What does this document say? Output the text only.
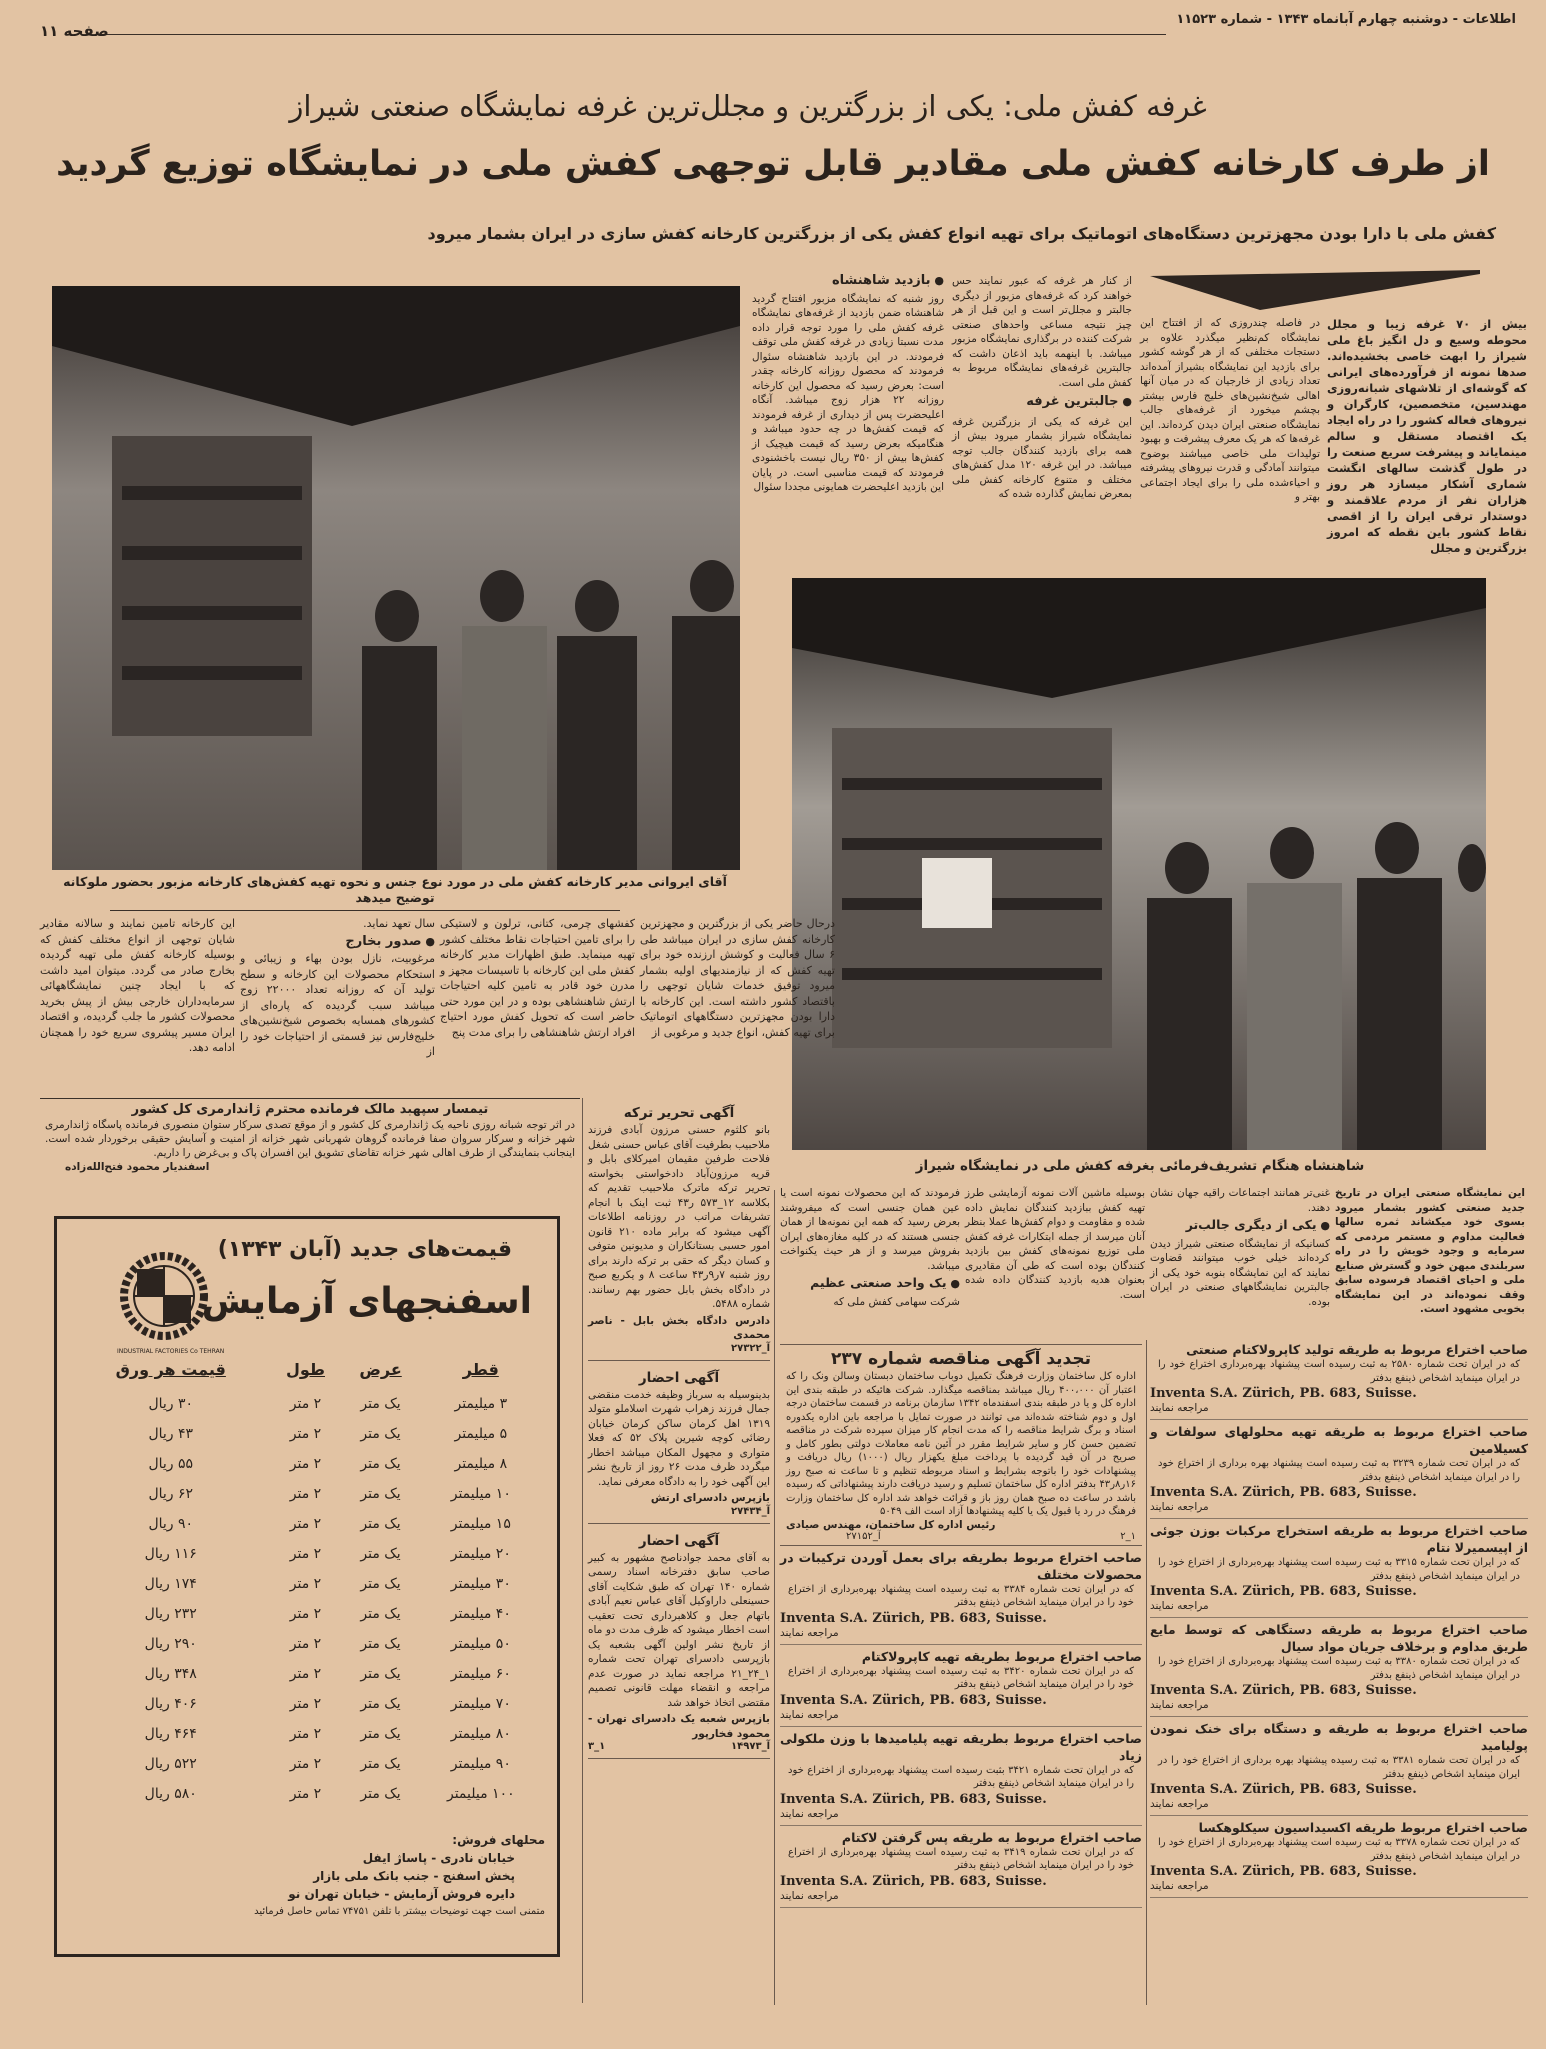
اطلاعات - دوشنبه چهارم آبانماه ۱۳۴۳ - شماره ۱۱۵۲۳
صفحه ۱۱
غرفه کفش ملی: یکی از بزرگترین و مجلل‌ترین غرفه نمایشگاه صنعتی شیراز
از طرف کارخانه کفش ملی مقادیر قابل توجهی کفش ملی در نمایشگاه توزیع گردید
کفش ملی با دارا بودن مجهزترین دستگاه‌های اتوماتیک برای تهیه انواع کفش یکی از بزرگترین کارخانه کفش سازی در ایران بشمار میرود
آقای ایروانی مدیر کارخانه کفش ملی در مورد نوع جنس و نحوه تهیه کفش‌های کارخانه مزبور بحضور ملوکانه توضیح میدهد
بیش از ۷۰ غرفه زیبا و مجلل محوطه وسیع و دل انگیز باغ ملی شیراز را ابهت خاصی بخشیده‌اند. صدها نمونه از فرآورده‌های ایرانی که گوشه‌ای از تلاشهای شبانه‌روزی مهندسین، متخصصین، کارگران و نیروهای فعاله کشور را در راه ایجاد یک اقتصاد مستقل و سالم مینمایاند و پیشرفت سریع صنعت را در طول گذشت سالهای انگشت شماری آشکار میسازد هر روز هزاران نفر از مردم علاقمند و دوستدار ترقی ایران را از اقصی نقاط کشور باین نقطه که امروز بزرگترین و مجلل‌
در فاصله چندروزی که از افتتاح این نمایشگاه کم‌نظیر میگذرد علاوه بر دستجات مختلفی که از هر گوشه کشور برای بازدید این نمایشگاه بشیراز آمده‌اند تعداد زیادی از خارجیان که در میان آنها اهالی شیخ‌نشین‌های خلیج فارس بیشتر بچشم میخورد از غرفه‌های جالب نمایشگاه صنعتی ایران دیدن کرده‌اند. این غرفه‌ها که هر یک معرف پیشرفت و بهبود تولیدات ملی خاصی میباشند بوضوح میتوانند آمادگی و قدرت نیروهای پیشرفته و احیاءشده ملی را برای ایجاد اجتماعی بهتر و
از کنار هر غرفه که عبور نمایند حس خواهند کرد که غرفه‌های مزبور از دیگری جالبتر و مجلل‌تر است و این قبل از هر چیز نتیجه مساعی واحدهای صنعتی شرکت کننده در برگذاری نمایشگاه مزبور میباشد. با اینهمه باید اذعان داشت که جالبترین غرفه‌های نمایشگاه مربوط به کفش ملی است.
● جالبترین غرفه
این غرفه که یکی از بزرگترین غرفه نمایشگاه شیراز بشمار میرود بیش از همه برای بازدید کنندگان جالب توجه میباشد. در این غرفه ۱۲۰ مدل کفش‌های مختلف و متنوع کارخانه کفش ملی بمعرض نمایش گذارده شده که
● بازدید شاهنشاه
روز شنبه که نمایشگاه مزبور افتتاح گردید شاهنشاه ضمن بازدید از غرفه‌های نمایشگاه غرفه کفش ملی را مورد توجه قرار داده مدت نسبتا زیادی در غرفه کفش ملی توقف فرمودند. در این بازدید شاهنشاه سئوال فرمودند که محصول روزانه کارخانه چقدر است: بعرض رسید که محصول این کارخانه روزانه ۲۲ هزار زوج میباشد. آنگاه اعلیحضرت پس از دیداری از غرفه فرمودند که قیمت کفش‌ها در چه حدود میباشد و هنگامیکه بعرض رسید که قیمت هیچیک از کفش‌ها بیش از ۳۵۰ ریال نیست باخشنودی فرمودند که قیمت مناسبی است. در پایان این بازدید اعلیحضرت همایونی مجددا سئوال
شاهنشاه هنگام تشریف‌فرمائی بغرفه کفش ملی در نمایشگاه شیراز
درحال حاضر یکی از بزرگترین و مجهزترین کارخانه کفش سازی در ایران میباشد طی ۶ سال فعالیت و کوشش ارزنده خود برای تهیه کفش که از نیازمندیهای اولیه بشمار میرود توفیق خدمات شایان توجهی را باقتصاد کشور داشته است. این کارخانه با دارا بودن مجهزترین دستگاههای اتوماتیک برای تهیه کفش، انواع جدید و مرغوبی از
کفشهای چرمی، کتانی، ترلون و لاستیکی را برای تامین احتیاجات نقاط مختلف کشور تهیه مینماید. طبق اظهارات مدیر کارخانه کفش ملی این کارخانه با تاسیسات مجهز و مدرن خود قادر به تامین کلیه احتیاجات ارتش شاهنشاهی بوده و در این مورد حتی حاضر است که تحویل کفش مورد احتیاج افراد ارتش شاهنشاهی را برای مدت پنج
سال تعهد نماید.
● صدور بخارج
مرغوبیت، نازل بودن بهاء و زیبائی و استحکام محصولات این کارخانه و سطح تولید آن که روزانه تعداد ۲۲۰۰۰ زوج میباشد سبب گردیده که پاره‌ای از کشورهای همسایه بخصوص شیخ‌نشین‌های خلیج‌فارس نیز قسمتی از احتیاجات خود را از
این کارخانه تامین نمایند و سالانه مقادیر شایان توجهی از انواع مختلف کفش که بوسیله کارخانه کفش ملی تهیه گردیده بخارج صادر می گردد. میتوان امید داشت که با ایجاد چنین نمایشگاههائی سرمایه‌داران خارجی بیش از پیش بخرید محصولات کشور ما جلب گردیده، و اقتصاد ایران مسیر پیشروی سریع خود را همچنان ادامه دهد.
تیمسار سپهبد مالک فرمانده محترم ژاندارمری کل کشور
در اثر توجه شبانه روزی ناحیه یک ژاندارمری کل کشور و از موقع تصدی سرکار ستوان منصوری فرمانده پاسگاه ژاندارمری شهر خزانه و سرکار سروان صفا فرمانده گروهان شهربانی شهر خزانه از امنیت و آسایش حقیقی برخوردار شده است. اینجانب بنمایندگی از طرف اهالی شهر خزانه تقاضای تشویق این افسران پاک و بی‌غرض را داریم.
اسفندیار محمود فتح‌الله‌زاده
INDUSTRIAL FACTORIES Co TEHRAN
قیمت‌های جدید (آبان ۱۳۴۳)
اسفنجهای آزمایش
قطر	عرض	طول	قیمت هر ورق
۳ میلیمتر	یک متر	۲ متر	۳۰ ریال
۵ میلیمتر	یک متر	۲ متر	۴۳ ریال
۸ میلیمتر	یک متر	۲ متر	۵۵ ریال
۱۰ میلیمتر	یک متر	۲ متر	۶۲ ریال
۱۵ میلیمتر	یک متر	۲ متر	۹۰ ریال
۲۰ میلیمتر	یک متر	۲ متر	۱۱۶ ریال
۳۰ میلیمتر	یک متر	۲ متر	۱۷۴ ریال
۴۰ میلیمتر	یک متر	۲ متر	۲۳۲ ریال
۵۰ میلیمتر	یک متر	۲ متر	۲۹۰ ریال
۶۰ میلیمتر	یک متر	۲ متر	۳۴۸ ریال
۷۰ میلیمتر	یک متر	۲ متر	۴۰۶ ریال
۸۰ میلیمتر	یک متر	۲ متر	۴۶۴ ریال
۹۰ میلیمتر	یک متر	۲ متر	۵۲۲ ریال
۱۰۰ میلیمتر	یک متر	۲ متر	۵۸۰ ریال
محلهای فروش:
خیابان نادری - پاساژ ایفل
پخش اسفنج - جنب بانک ملی بازار
دایره فروش آزمایش - خیابان تهران نو
متمنی است جهت توضیحات بیشتر با تلفن ۷۴۷۵۱ تماس حاصل فرمائید
آگهی تحریر ترکه
بانو کلثوم حسنی مرزون آبادی فرزند ملاحبیب بطرفیت آقای عباس حسنی شغل فلاحت طرفین مقیمان امیرکلای بابل و قریه مرزون‌آباد دادخواستی بخواسته تحریر ترکه ماترک ملاحبیب تقدیم که بکلاسه ۱۲_۵۷۳ ر۴۳ ثبت اینک با انجام تشریفات مراتب در روزنامه اطلاعات آگهی میشود که برابر ماده ۲۱۰ قانون امور حسبی بستانکاران و مدیونین متوفی و کسان دیگر که حقی بر ترکه دارند برای روز شنبه ۷ر۹ر۴۳ ساعت ۸ و یکربع صبح در دادگاه بخش بابل حضور بهم رسانند. شماره ۵۴۸۸.
دادرس دادگاه بخش بابل - ناصر محمدی
آ_۲۷۳۲۲
آگهی احضار
بدینوسیله به سرباز وظیفه خدمت منقضی جمال فرزند زهراب شهرت اسلاملو متولد ۱۳۱۹ اهل کرمان ساکن کرمان خیابان رضائی کوچه شیرین پلاک ۵۲ که فعلا متواری و مجهول المکان میباشد اخطار میگردد ظرف مدت ۲۶ روز از تاریخ نشر این آگهی خود را به دادگاه معرفی نماید.
بازپرس دادسرای ارتش
آ_۲۷۴۳۴
آگهی احضار
به آقای محمد جوادناصح مشهور به کبیر صاحب سابق دفترخانه اسناد رسمی شماره ۱۴۰ تهران که طبق شکایت آقای حسینعلی داراوکیل آقای عباس نعیم آبادی باتهام جعل و کلاهبرداری تحت تعقیب است اخطار میشود که ظرف مدت دو ماه از تاریخ نشر اولین آگهی بشعبه یک بازپرسی دادسرای تهران تحت شماره ۱_۲۴_۲۱ مراجعه نماید در صورت عدم مراجعه و انقضاء مهلت قانونی تصمیم مقتضی اتخاذ خواهد شد
بازپرس شعبه یک دادسرای تهران - محمود فخارپور
آ_۱۴۹۷۳
۱_۳
این نمایشگاه صنعتی ایران در تاریخ جدید صنعتی کشور بشمار میرود بسوی خود میکشاند ثمره سالها فعالیت مداوم و مستمر مردمی که سرمایه و وجود خویش را در راه سربلندی میهن خود و گسترش صنایع ملی و احیای اقتصاد فرسوده سابق وقف نموده‌اند در این نمایشگاه بخوبی مشهود است.
غنی‌تر همانند اجتماعات راقیه جهان نشان دهند.
● یکی از دیگری جالب‌تر
کسانیکه از نمایشگاه صنعتی شیراز دیدن کرده‌اند خیلی خوب میتوانند قضاوت نمایند که این نمایشگاه بنوبه خود یکی از جالبترین نمایشگاههای صنعتی در ایران بوده.
بوسیله ماشین آلات نمونه آزمایشی طرز تهیه کفش ببازدید کنندگان نمایش داده شده و مقاومت و دوام کفش‌ها عملا بنظر آنان میرسد از جمله ابتکارات غرفه کفش ملی توزیع نمونه‌های کفش بین بازدید کنندگان بوده است که طی آن مقادیری بعنوان هدیه بازدید کنندگان داده شده است.
فرمودند که این محصولات نمونه است یا عین همان جنسی است که میفروشند بعرض رسید که همه این نمونه‌ها از همان جنسی هستند که در کلیه مغازه‌های ایران بفروش میرسد و از هر حیث یکنواخت میباشد.
● یک واحد صنعتی عظیم
شرکت سهامی کفش ملی که
تجدید آگهی مناقصه شماره ۲۳۷
اداره کل ساختمان وزارت فرهنگ تکمیل دوباب ساختمان دبستان وسالن ونک را که اعتبار آن ۴۰۰،۰۰۰ ریال میباشد بمناقصه میگذارد. شرکت هائیکه در طبقه بندی این اداره کل و یا در طبقه بندی اسفندماه ۱۳۴۲ سازمان برنامه در قسمت ساختمان درجه اول و دوم شناخته شده‌اند می توانند در صورت تمایل با مراجعه باین اداره یکدوره اسناد و برگ شرایط مناقصه را که مدت انجام کار میزان سپرده شرکت در مناقصه تضمین حسن کار و سایر شرایط مقرر در آئین نامه معاملات دولتی بطور کامل و صریح در آن قید گردیده با پرداخت مبلغ یکهزار ریال (۱۰۰۰) ریال دریافت و پیشنهادات خود را باتوجه بشرایط و اسناد مربوطه تنظیم و تا ساعت نه صبح روز ۱۶ر۸ر۴۳ بدفتر اداره کل ساختمان تسلیم و رسید دریافت دارند پیشنهاداتی که رسیده باشد در ساعت ده صبح همان روز باز و قرائت خواهد شد اداره کل ساختمان وزارت فرهنگ در رد یا قبول یک یا کلیه پیشنهادها آزاد است الف ۵۰۴۹
رئیس اداره کل ساختمان، مهندس صیادی
۱_۲
آ_۲۷۱۵۲
صاحب اختراع مربوط بطریقه برای بعمل آوردن ترکیبات در محصولات مختلف
که در ایران تحت شماره ۳۳۸۴ به ثبت رسیده است پیشنهاد بهره‌برداری از اختراع خود را در ایران مینماید اشخاص ذینفع بدفتر
Inventa S.A. Zürich, PB. 683, Suisse.
مراجعه نمایند
صاحب اختراع مربوط بطریقه تهیه کاپرولاکتام
که در ایران تحت شماره ۳۴۲۰ به ثبت رسیده است پیشنهاد بهره‌برداری از اختراع خود را در ایران مینماید اشخاص ذینفع بدفتر
Inventa S.A. Zürich, PB. 683, Suisse.
مراجعه نمایند
صاحب اختراع مربوط بطریقه تهیه پلیامیدها با وزن ملکولی زیاد
که در ایران تحت شماره ۳۴۲۱ بثبت رسیده است پیشنهاد بهره‌برداری از اختراع خود را در ایران مینماید اشخاص ذینفع بدفتر
Inventa S.A. Zürich, PB. 683, Suisse.
مراجعه نمایند
صاحب اختراع مربوط به طریقه پس گرفتن لاکتام
که در ایران تحت شماره ۳۴۱۹ به ثبت رسیده است پیشنهاد بهره‌برداری از اختراع خود را در ایران مینماید اشخاص ذینفع بدفتر
Inventa S.A. Zürich, PB. 683, Suisse.
مراجعه نمایند
صاحب اختراع مربوط به طریقه تولید کاپرولاکتام صنعتی
که در ایران تحت شماره ۲۵۸۰ به ثبت رسیده است پیشنهاد بهره‌برداری اختراع خود را در ایران مینماید اشخاص ذینفع بدفتر
Inventa S.A. Zürich, PB. 683, Suisse.
مراجعه نمایند
صاحب اختراع مربوط به طریقه تهیه محلولهای سولفات و کسیلامین
که در ایران تحت شماره ۳۲۳۹ به ثبت رسیده است پیشنهاد بهره برداری از اختراع خود را در ایران مینماید اشخاص ذینفع بدفتر
Inventa S.A. Zürich, PB. 683, Suisse.
مراجعه نمایند
صاحب اختراع مربوط به طریقه استخراج مرکبات بوزن جوئی از اپیسمیرلا نتام
که در ایران تحت شماره ۳۳۱۵ به ثبت رسیده است پیشنهاد بهره‌برداری از اختراع خود را در ایران مینماید اشخاص ذینفع بدفتر
Inventa S.A. Zürich, PB. 683, Suisse.
مراجعه نمایند
صاحب اختراع مربوط به طریقه دستگاهی که توسط مایع طریق مداوم و برخلاف جریان مواد سیال
که در ایران تحت شماره ۳۳۸۰ به ثبت رسیده است پیشنهاد بهره‌برداری از اختراع خود را در ایران مینماید اشخاص ذینفع بدفتر
Inventa S.A. Zürich, PB. 683, Suisse.
مراجعه نمایند
صاحب اختراع مربوط به طریقه و دستگاه برای خنک نمودن پولیامید
که در ایران تحت شماره ۳۳۸۱ به ثبت رسیده پیشنهاد بهره برداری از اختراع خود را در ایران مینماید اشخاص ذینفع بدفتر
Inventa S.A. Zürich, PB. 683, Suisse.
مراجعه نمایند
صاحب اختراع مربوط طریقه اکسیداسیون سیکلوهکسا
که در ایران تحت شماره ۳۳۷۸ به ثبت رسیده است پیشنهاد بهره‌برداری از اختراع خود را در ایران مینماید اشخاص ذینفع بدفتر
Inventa S.A. Zürich, PB. 683, Suisse.
مراجعه نمایند
